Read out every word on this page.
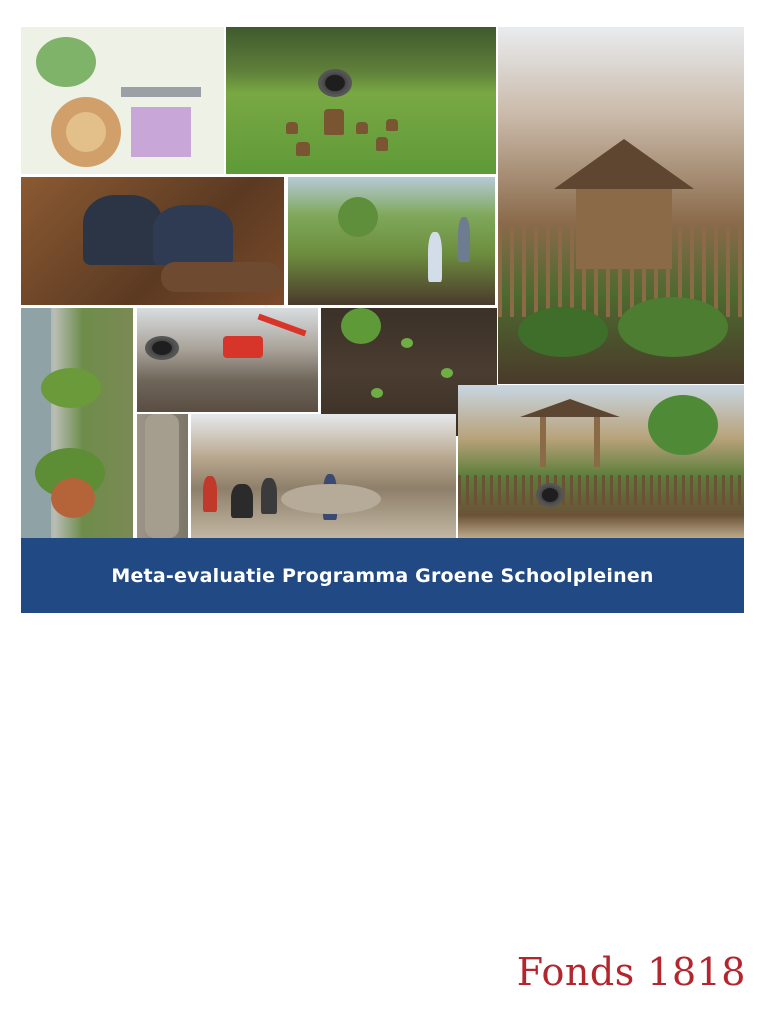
Meta-evaluatie Programma Groene Schoolpleinen
Fonds 1818
